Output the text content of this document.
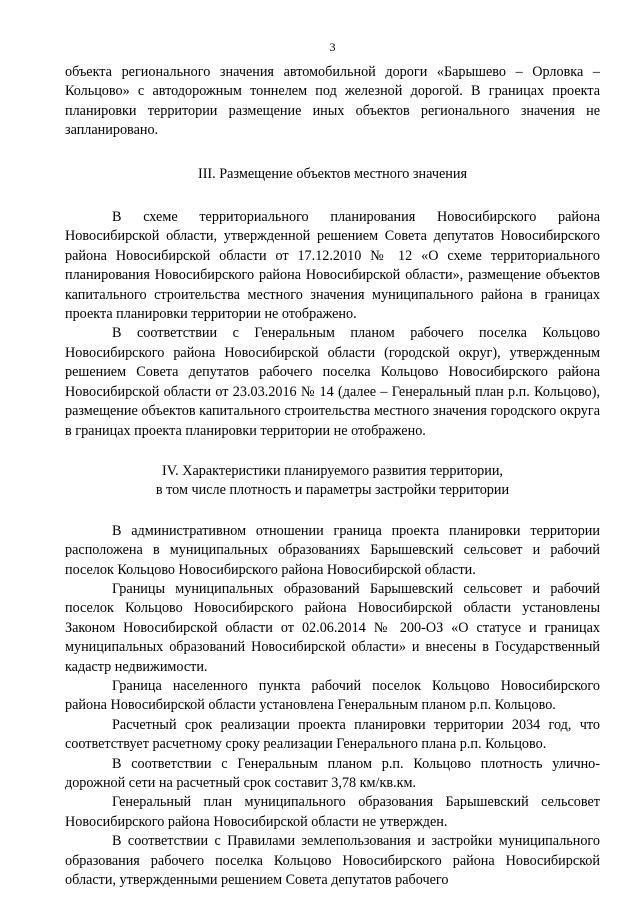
3

объекта регионального значения автомобильной дороги «Барышево – Орловка – Кольцово» с автодорожным тоннелем под железной дорогой. В границах проекта планировки территории размещение иных объектов регионального значения не запланировано.

III. Размещение объектов местного значения

В схеме территориального планирования Новосибирского района Новосибирской области, утвержденной решением Совета депутатов Новосибирского района Новосибирской области от 17.12.2010 № 12 «О схеме территориального планирования Новосибирского района Новосибирской области», размещение объектов капитального строительства местного значения муниципального района в границах проекта планировки территории не отображено.

В соответствии с Генеральным планом рабочего поселка Кольцово Новосибирского района Новосибирской области (городской округ), утвержденным решением Совета депутатов рабочего поселка Кольцово Новосибирского района Новосибирской области от 23.03.2016 № 14 (далее – Генеральный план р.п. Кольцово), размещение объектов капитального строительства местного значения городского округа в границах проекта планировки территории не отображено.

IV. Характеристики планируемого развития территории,
в том числе плотность и параметры застройки территории

В административном отношении граница проекта планировки территории расположена в муниципальных образованиях Барышевский сельсовет и рабочий поселок Кольцово Новосибирского района Новосибирской области.

Границы муниципальных образований Барышевский сельсовет и рабочий поселок Кольцово Новосибирского района Новосибирской области установлены Законом Новосибирской области от 02.06.2014 № 200-ОЗ «О статусе и границах муниципальных образований Новосибирской области» и внесены в Государственный кадастр недвижимости.

Граница населенного пункта рабочий поселок Кольцово Новосибирского района Новосибирской области установлена Генеральным планом р.п. Кольцово.

Расчетный срок реализации проекта планировки территории 2034 год, что соответствует расчетному сроку реализации Генерального плана р.п. Кольцово.

В соответствии с Генеральным планом р.п. Кольцово плотность улично-дорожной сети на расчетный срок составит 3,78 км/кв.км.

Генеральный план муниципального образования Барышевский сельсовет Новосибирского района Новосибирской области не утвержден.

В соответствии с Правилами землепользования и застройки муниципального образования рабочего поселка Кольцово Новосибирского района Новосибирской области, утвержденными решением Совета депутатов рабочего
